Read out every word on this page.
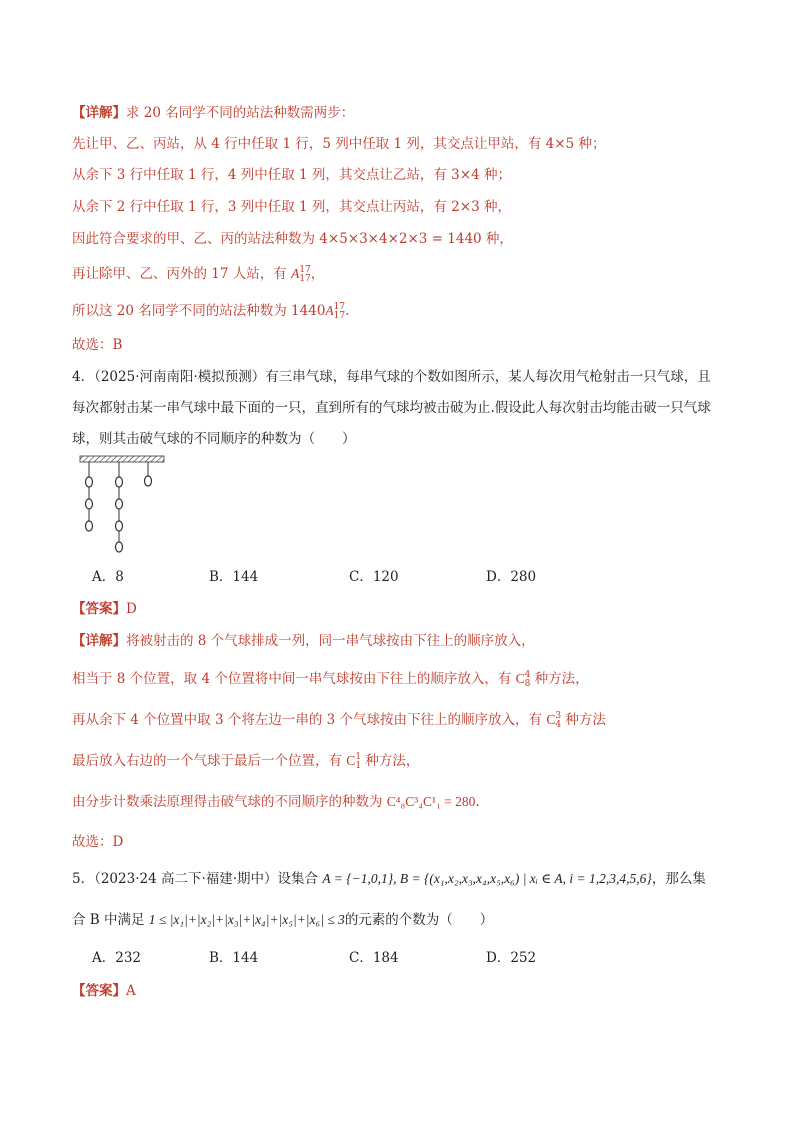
【详解】求 20 名同学不同的站法种数需两步：
先让甲、乙、丙站，从 4 行中任取 1 行，5 列中任取 1 列，其交点让甲站，有 4×5 种；
从余下 3 行中任取 1 行，4 列中任取 1 列，其交点让乙站，有 3×4 种；
从余下 2 行中任取 1 行，3 列中任取 1 列，其交点让丙站，有 2×3 种，
因此符合要求的甲、乙、丙的站法种数为 4×5×3×4×2×3 = 1440 种，
再让除甲、乙、丙外的 17 人站，有 A 17
17 ，
所以这 20 名同学不同的站法种数为 1440A 17
17 .
故选：B
4．（2025·河南南阳·模拟预测）有三串气球，每串气球的个数如图所示，某人每次用气枪射击一只气球，且
每次都射击某一串气球中最下面的一只，直到所有的气球均被击破为止.假设此人每次射击均能击破一只气球
球，则其击破气球的不同顺序的种数为（　　）
A．8	B．144	C．120	D．280
【答案】D
【详解】将被射击的 8 个气球排成一列，同一串气球按由下往上的顺序放入，
相当于 8 个位置，取 4 个位置将中间一串气球按由下往上的顺序放入，有 C 4
8 种方法，
再从余下 4 个位置中取 3 个将左边一串的 3 个气球按由下往上的顺序放入，有 C 3
4 种方法
最后放入右边的一个气球于最后一个位置，有 C 1
1 种方法，
由分步计数乘法原理得击破气球的不同顺序的种数为 C⁴₈C³₄C¹₁ = 280.
故选：D
5．（2023·24 高二下·福建·期中）设集合 A = {−1,0,1}, B = {(x₁,x₂,x₃,x₄,x₅,x₆) | xᵢ ∈ A, i = 1,2,3,4,5,6}，那么集
合 B 中满足 1 ≤ |x₁|+|x₂|+|x₃|+|x₄|+|x₅|+|x₆| ≤ 3的元素的个数为（　　）
A．232	B．144	C．184	D．252
【答案】A
